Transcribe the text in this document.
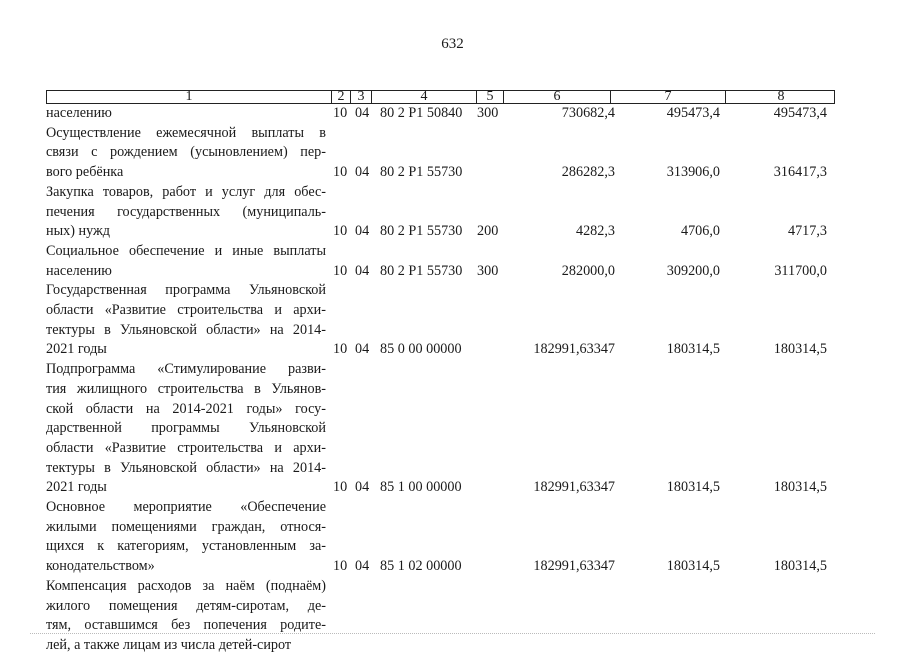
632
1	2 3	4	5	6	7	8
населению	10 04 80 2 P1 50840 300	730682,4	495473,4	495473,4
Осуществление ежемесячной выплаты в
связи с рождением (усыновлением) пер-
вого ребёнка	10 04 80 2 P1 55730	286282,3	313906,0	316417,3
Закупка товаров, работ и услуг для обес-
печения государственных (муниципаль-
ных) нужд	10 04 80 2 P1 55730 200	4282,3	4706,0	4717,3
Социальное обеспечение и иные выплаты
населению	10 04 80 2 P1 55730 300	282000,0	309200,0	311700,0
Государственная программа Ульяновской
области «Развитие строительства и архи-
тектуры в Ульяновской области» на 2014-
2021 годы	10 04 85 0 00 00000	182991,63347	180314,5	180314,5
Подпрограмма «Стимулирование разви-
тия жилищного строительства в Ульянов-
ской области на 2014-2021 годы» госу-
дарственной программы Ульяновской
области «Развитие строительства и архи-
тектуры в Ульяновской области» на 2014-
2021 годы	10 04 85 1 00 00000	182991,63347	180314,5	180314,5
Основное мероприятие «Обеспечение
жилыми помещениями граждан, относя-
щихся к категориям, установленным за-
конодательством»	10 04 85 1 02 00000	182991,63347	180314,5	180314,5
Компенсация расходов за наём (поднаём)
жилого помещения детям-сиротам, де-
тям, оставшимся без попечения родите-
лей, а также лицам из числа детей-сирот
